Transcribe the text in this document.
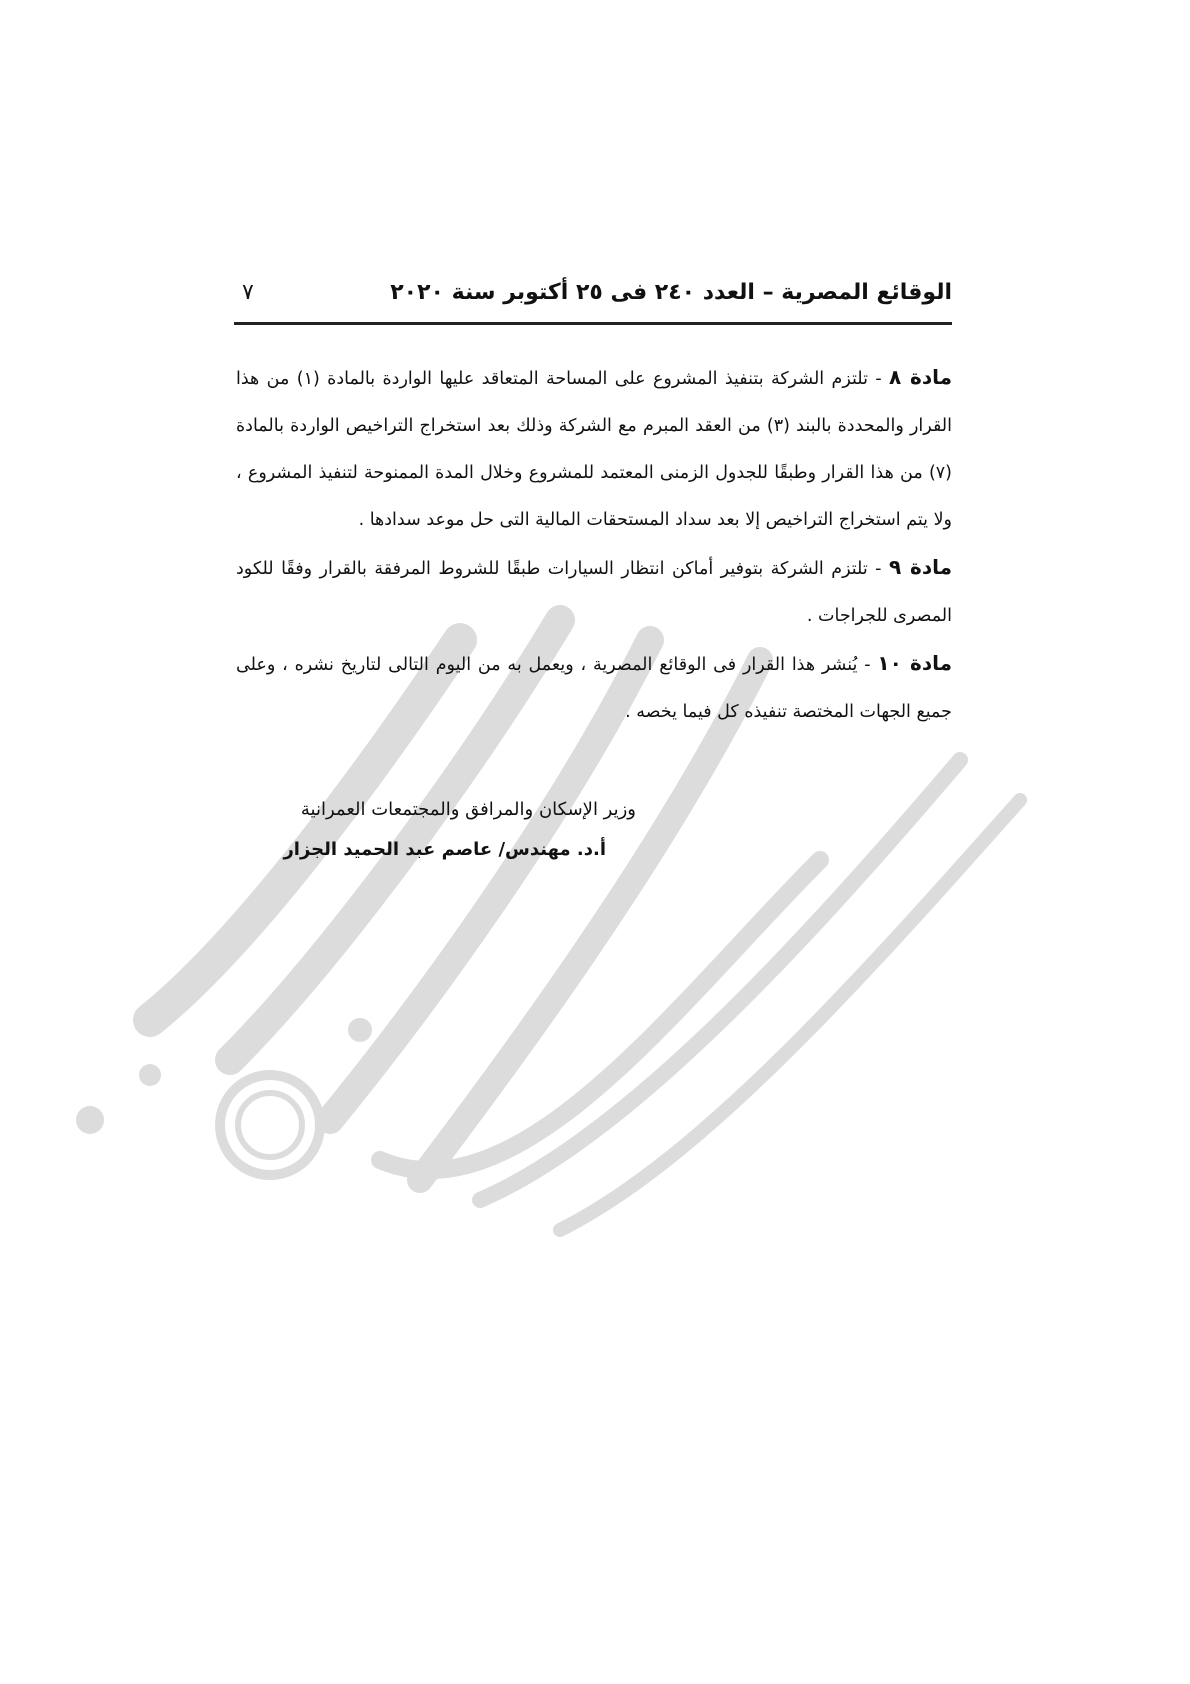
الوقائع المصرية – العدد ٢٤٠ فى ٢٥ أكتوبر سنة ٢٠٢٠
٧

مادة ٨ - تلتزم الشركة بتنفيذ المشروع على المساحة المتعاقد عليها الواردة بالمادة (١) من هذا القرار والمحددة بالبند (٣) من العقد المبرم مع الشركة وذلك بعد استخراج التراخيص الواردة بالمادة (٧) من هذا القرار وطبقًا للجدول الزمنى المعتمد للمشروع وخلال المدة الممنوحة لتنفيذ المشروع ، ولا يتم استخراج التراخيص إلا بعد سداد المستحقات المالية التى حل موعد سدادها .

مادة ٩ - تلتزم الشركة بتوفير أماكن انتظار السيارات طبقًا للشروط المرفقة بالقرار وفقًا للكود المصرى للجراجات .

مادة ١٠ - يُنشر هذا القرار فى الوقائع المصرية ، ويعمل به من اليوم التالى لتاريخ نشره ، وعلى جميع الجهات المختصة تنفيذه كل فيما يخصه .

وزير الإسكان والمرافق والمجتمعات العمرانية
أ.د. مهندس/ عاصم عبد الحميد الجزار
